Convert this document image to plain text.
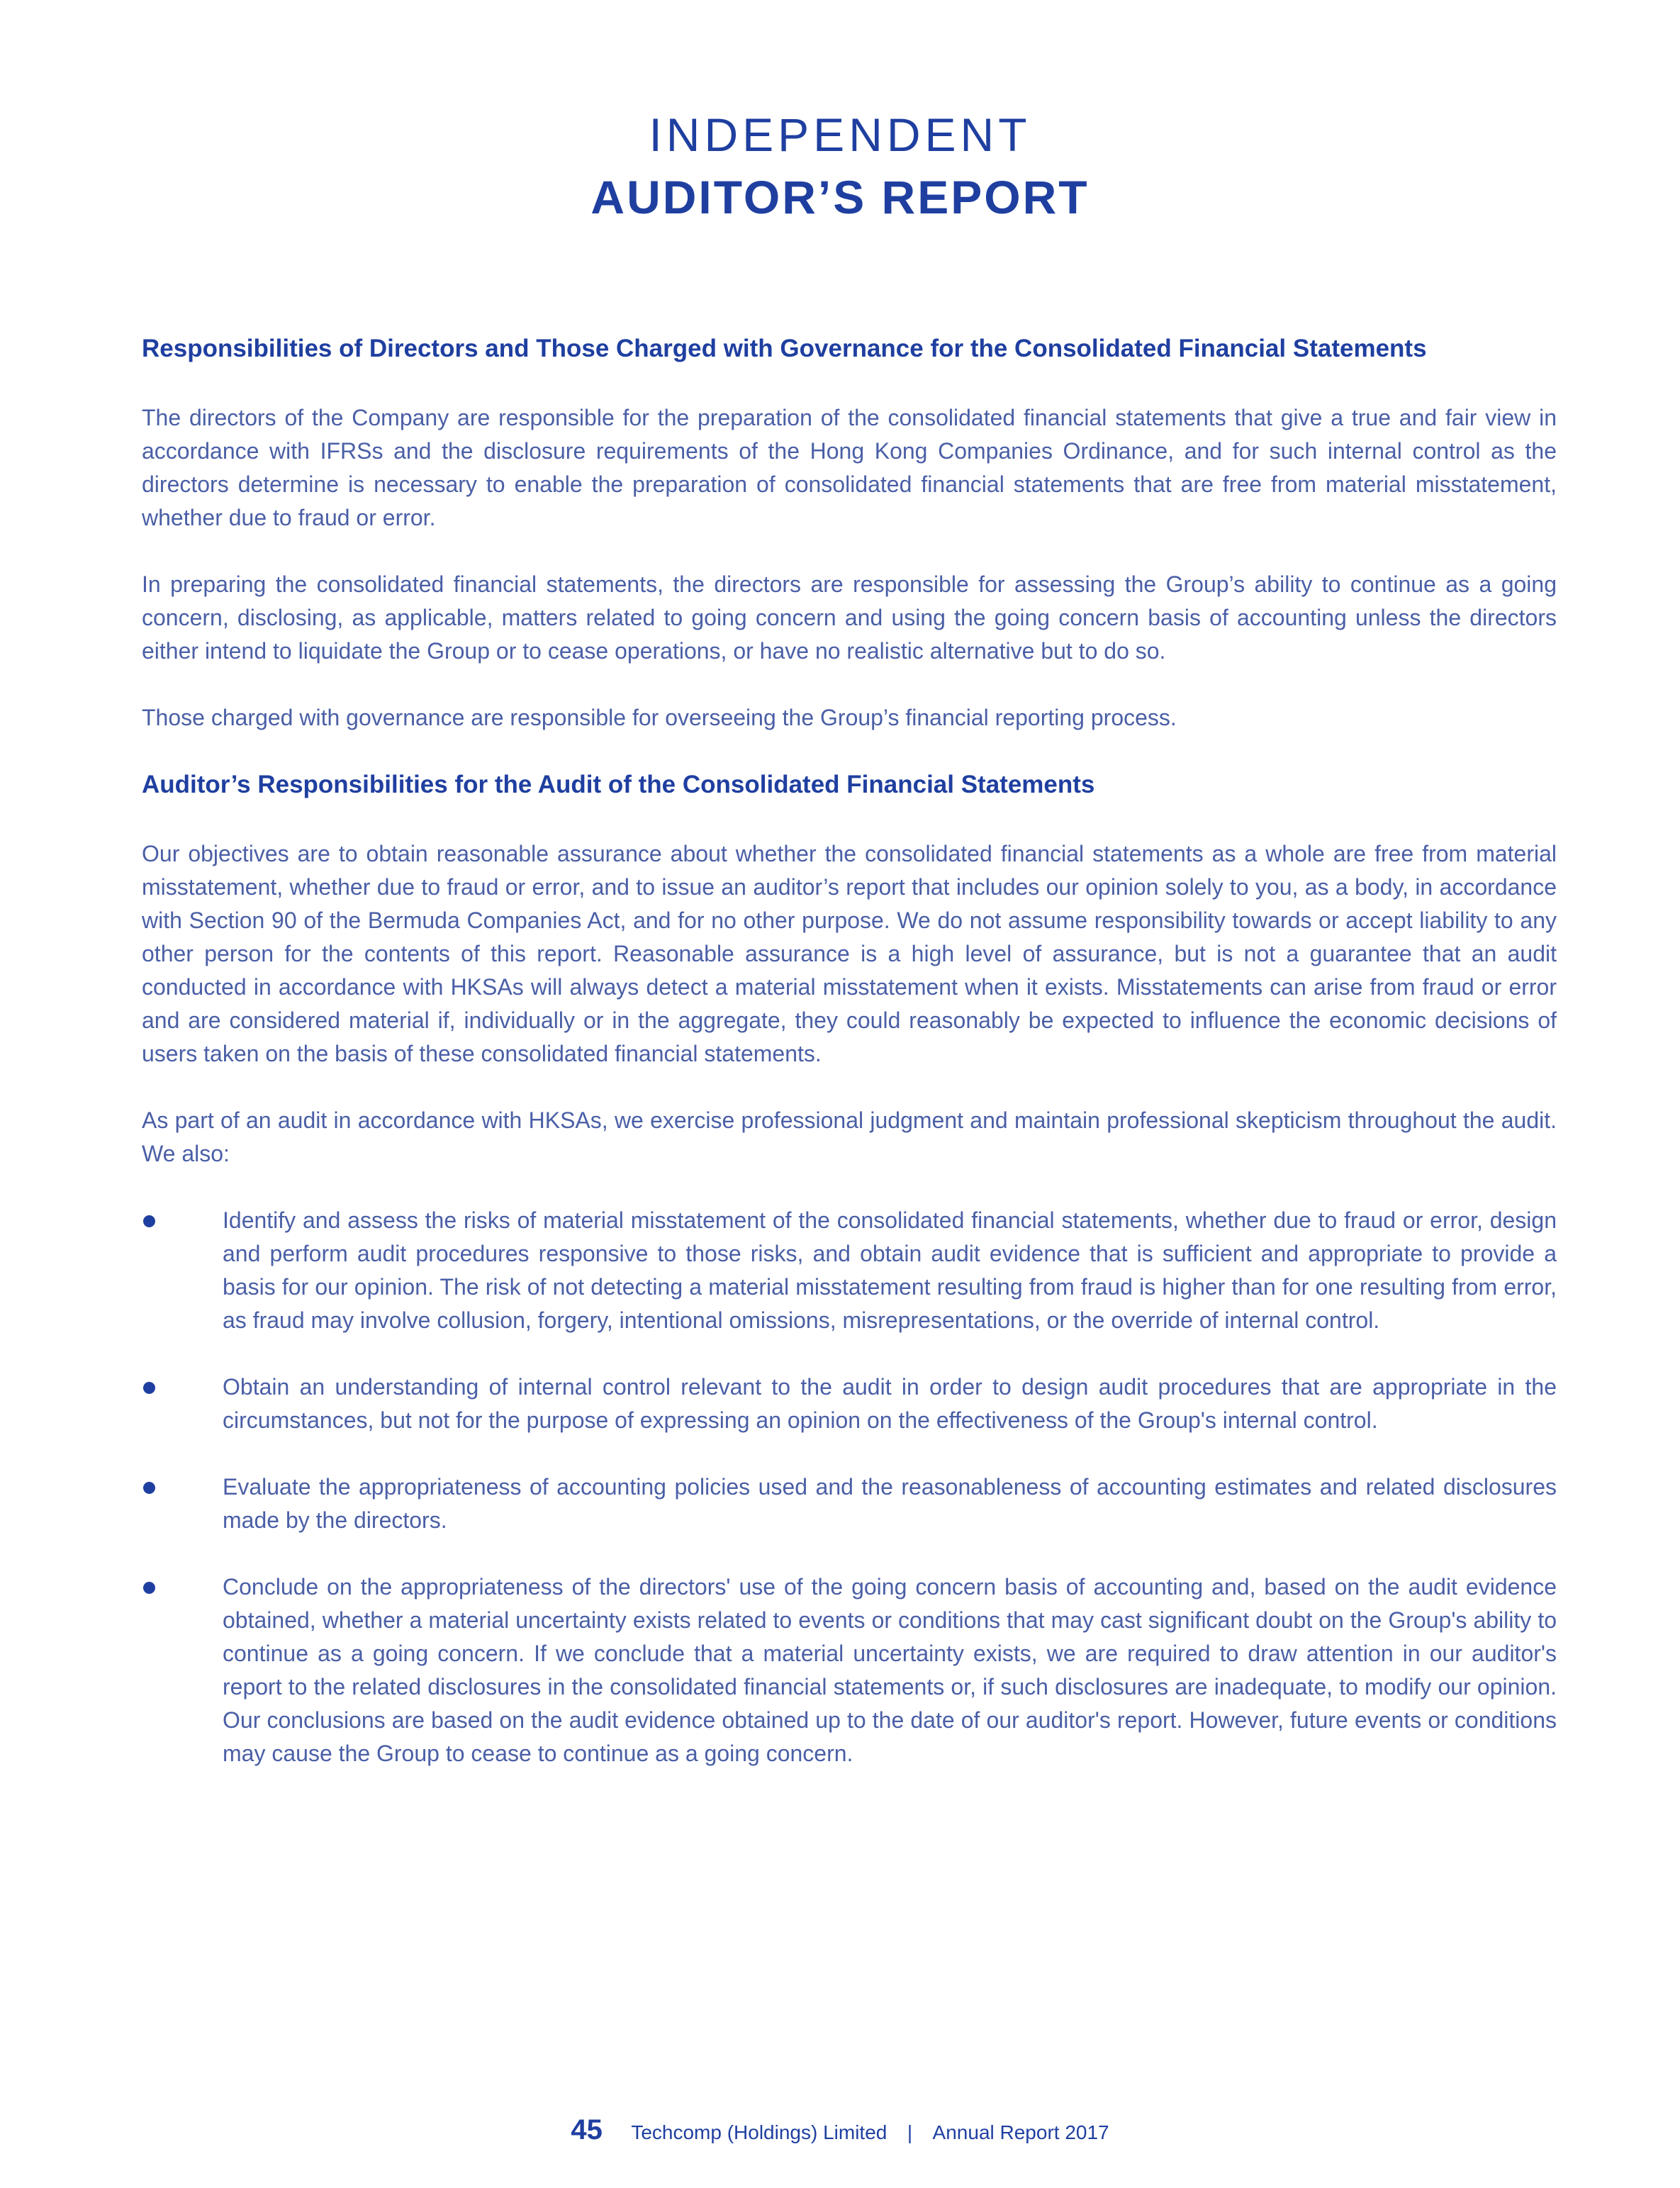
INDEPENDENT
AUDITOR’S REPORT
Responsibilities of Directors and Those Charged with Governance for the Consolidated Financial Statements

The directors of the Company are responsible for the preparation of the consolidated financial statements that give a true and fair view in accordance with IFRSs and the disclosure requirements of the Hong Kong Companies Ordinance, and for such internal control as the directors determine is necessary to enable the preparation of consolidated financial statements that are free from material misstatement, whether due to fraud or error.

In preparing the consolidated financial statements, the directors are responsible for assessing the Group’s ability to continue as a going concern, disclosing, as applicable, matters related to going concern and using the going concern basis of accounting unless the directors either intend to liquidate the Group or to cease operations, or have no realistic alternative but to do so.

Those charged with governance are responsible for overseeing the Group’s financial reporting process.

Auditor’s Responsibilities for the Audit of the Consolidated Financial Statements

Our objectives are to obtain reasonable assurance about whether the consolidated financial statements as a whole are free from material misstatement, whether due to fraud or error, and to issue an auditor’s report that includes our opinion solely to you, as a body, in accordance with Section 90 of the Bermuda Companies Act, and for no other purpose. We do not assume responsibility towards or accept liability to any other person for the contents of this report. Reasonable assurance is a high level of assurance, but is not a guarantee that an audit conducted in accordance with HKSAs will always detect a material misstatement when it exists. Misstatements can arise from fraud or error and are considered material if, individually or in the aggregate, they could reasonably be expected to influence the economic decisions of users taken on the basis of these consolidated financial statements.

As part of an audit in accordance with HKSAs, we exercise professional judgment and maintain professional skepticism throughout the audit. We also:

Identify and assess the risks of material misstatement of the consolidated financial statements, whether due to fraud or error, design and perform audit procedures responsive to those risks, and obtain audit evidence that is sufficient and appropriate to provide a basis for our opinion. The risk of not detecting a material misstatement resulting from fraud is higher than for one resulting from error, as fraud may involve collusion, forgery, intentional omissions, misrepresentations, or the override of internal control.

Obtain an understanding of internal control relevant to the audit in order to design audit procedures that are appropriate in the circumstances, but not for the purpose of expressing an opinion on the effectiveness of the Group's internal control.

Evaluate the appropriateness of accounting policies used and the reasonableness of accounting estimates and related disclosures made by the directors.

Conclude on the appropriateness of the directors' use of the going concern basis of accounting and, based on the audit evidence obtained, whether a material uncertainty exists related to events or conditions that may cast significant doubt on the Group's ability to continue as a going concern. If we conclude that a material uncertainty exists, we are required to draw attention in our auditor's report to the related disclosures in the consolidated financial statements or, if such disclosures are inadequate, to modify our opinion. Our conclusions are based on the audit evidence obtained up to the date of our auditor's report. However, future events or conditions may cause the Group to cease to continue as a going concern.

45 Techcomp (Holdings) Limited | Annual Report 2017
